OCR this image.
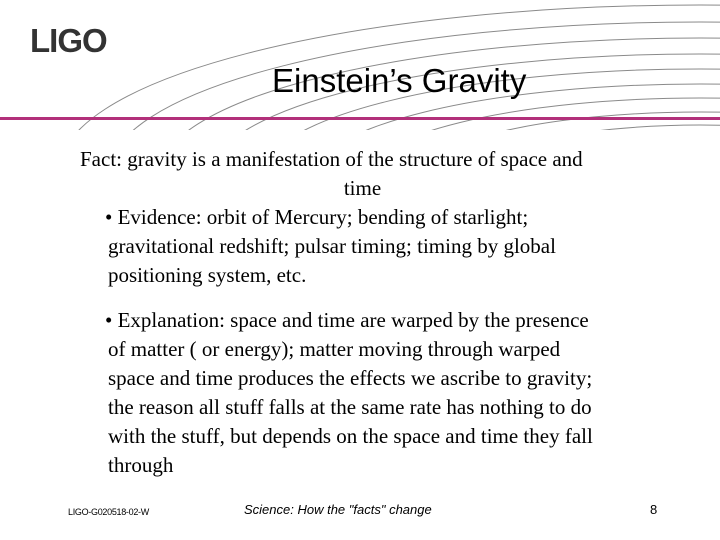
LIGO
Einstein’s Gravity
Fact: gravity is a manifestation of the structure of space and
time
• Evidence: orbit of Mercury; bending of starlight;
gravitational redshift; pulsar timing; timing by global
positioning system, etc.
• Explanation: space and time are warped by the presence
of matter ( or energy); matter moving through warped
space and time produces the effects we ascribe to gravity;
the reason all stuff falls at the same rate has nothing to do
with the stuff, but depends on the space and time they fall
through
LIGO-G020518-02-W	Science: How the "facts" change	8
